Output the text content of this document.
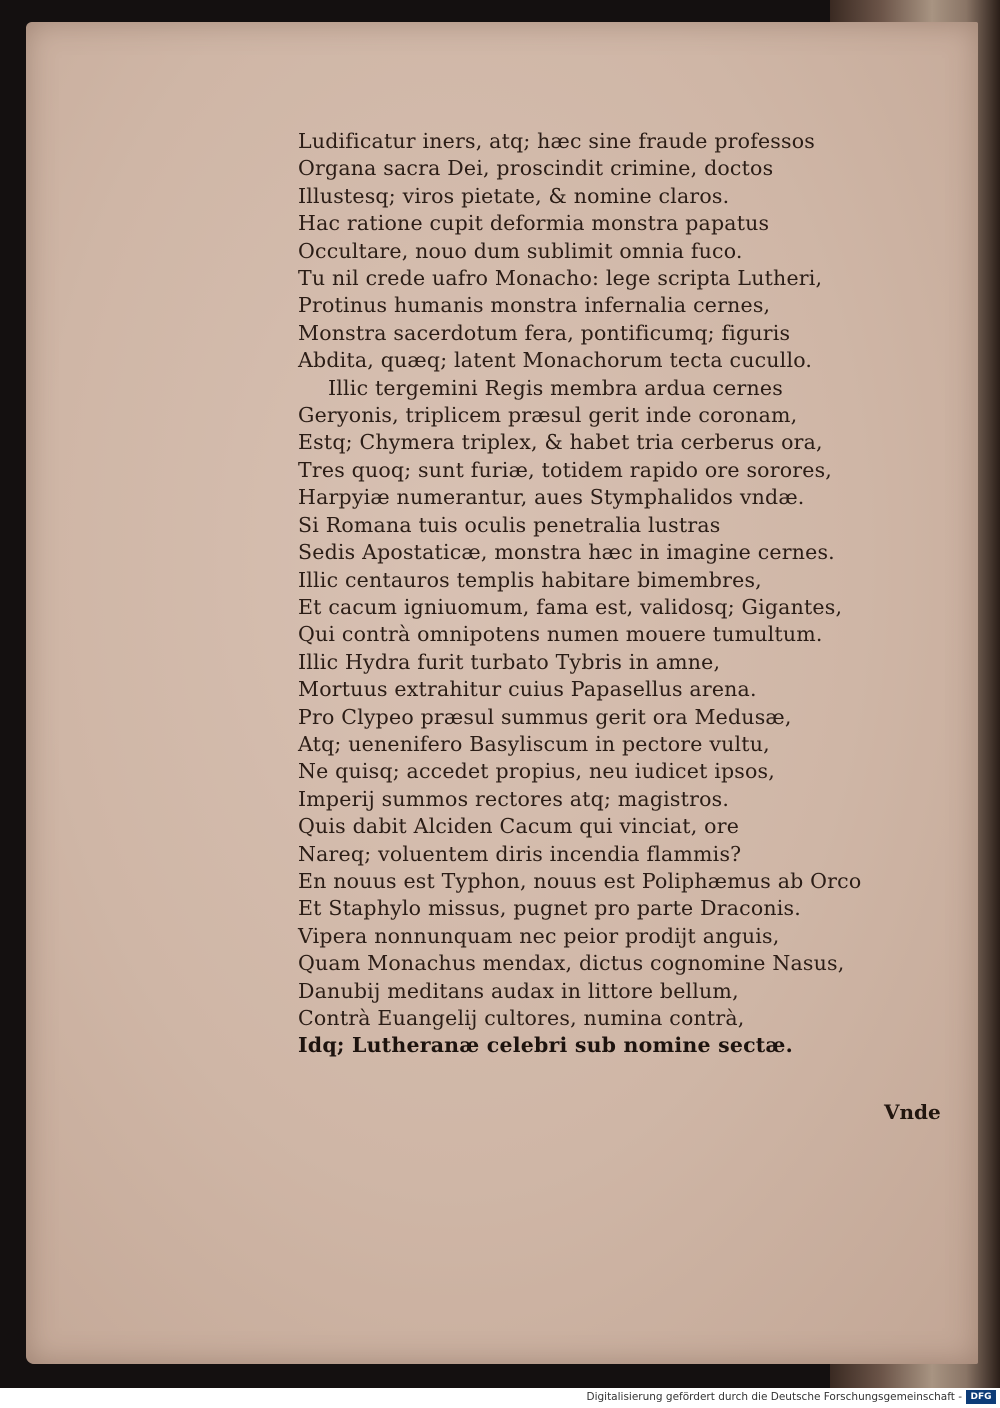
Ludificatur iners, atq; hæc sine fraude professos
Organa sacra Dei, proscindit crimine, doctos
Illustesq; viros pietate, & nomine claros.
Hac ratione cupit deformia monstra papatus
Occultare, nouo dum sublimit omnia fuco.
Tu nil crede uafro Monacho: lege scripta Lutheri,
Protinus humanis monstra infernalia cernes,
Monstra sacerdotum fera, pontificumq; figuris
Abdita, quæq; latent Monachorum tecta cucullo.
Illic tergemini Regis membra ardua cernes
Geryonis, triplicem præsul gerit inde coronam,
Estq; Chymera triplex, & habet tria cerberus ora,
Tres quoq; sunt furiæ, totidem rapido ore sorores,
Harpyiæ numerantur, aues Stymphalidos vndæ.
Si Romana tuis oculis penetralia lustras
Sedis Apostaticæ, monstra hæc in imagine cernes.
Illic centauros templis habitare bimembres,
Et cacum igniuomum, fama est, validosq; Gigantes,
Qui contrà omnipotens numen mouere tumultum.
Illic Hydra furit turbato Tybris in amne,
Mortuus extrahitur cuius Papasellus arena.
Pro Clypeo præsul summus gerit ora Medusæ,
Atq; uenenifero Basyliscum in pectore vultu,
Ne quisq; accedet propius, neu iudicet ipsos,
Imperij summos rectores atq; magistros.
Quis dabit Alciden Cacum qui vinciat, ore
Nareq; voluentem diris incendia flammis?
En nouus est Typhon, nouus est Poliphæmus ab Orco
Et Staphylo missus, pugnet pro parte Draconis.
Vipera nonnunquam nec peior prodijt anguis,
Quam Monachus mendax, dictus cognomine Nasus,
Danubij meditans audax in littore bellum,
Contrà Euangelij cultores, numina contrà,
Idq; Lutheranæ celebri sub nomine sectæ.
Vnde
Digitalisierung gefördert durch die Deutsche Forschungsgemeinschaft - DFG
